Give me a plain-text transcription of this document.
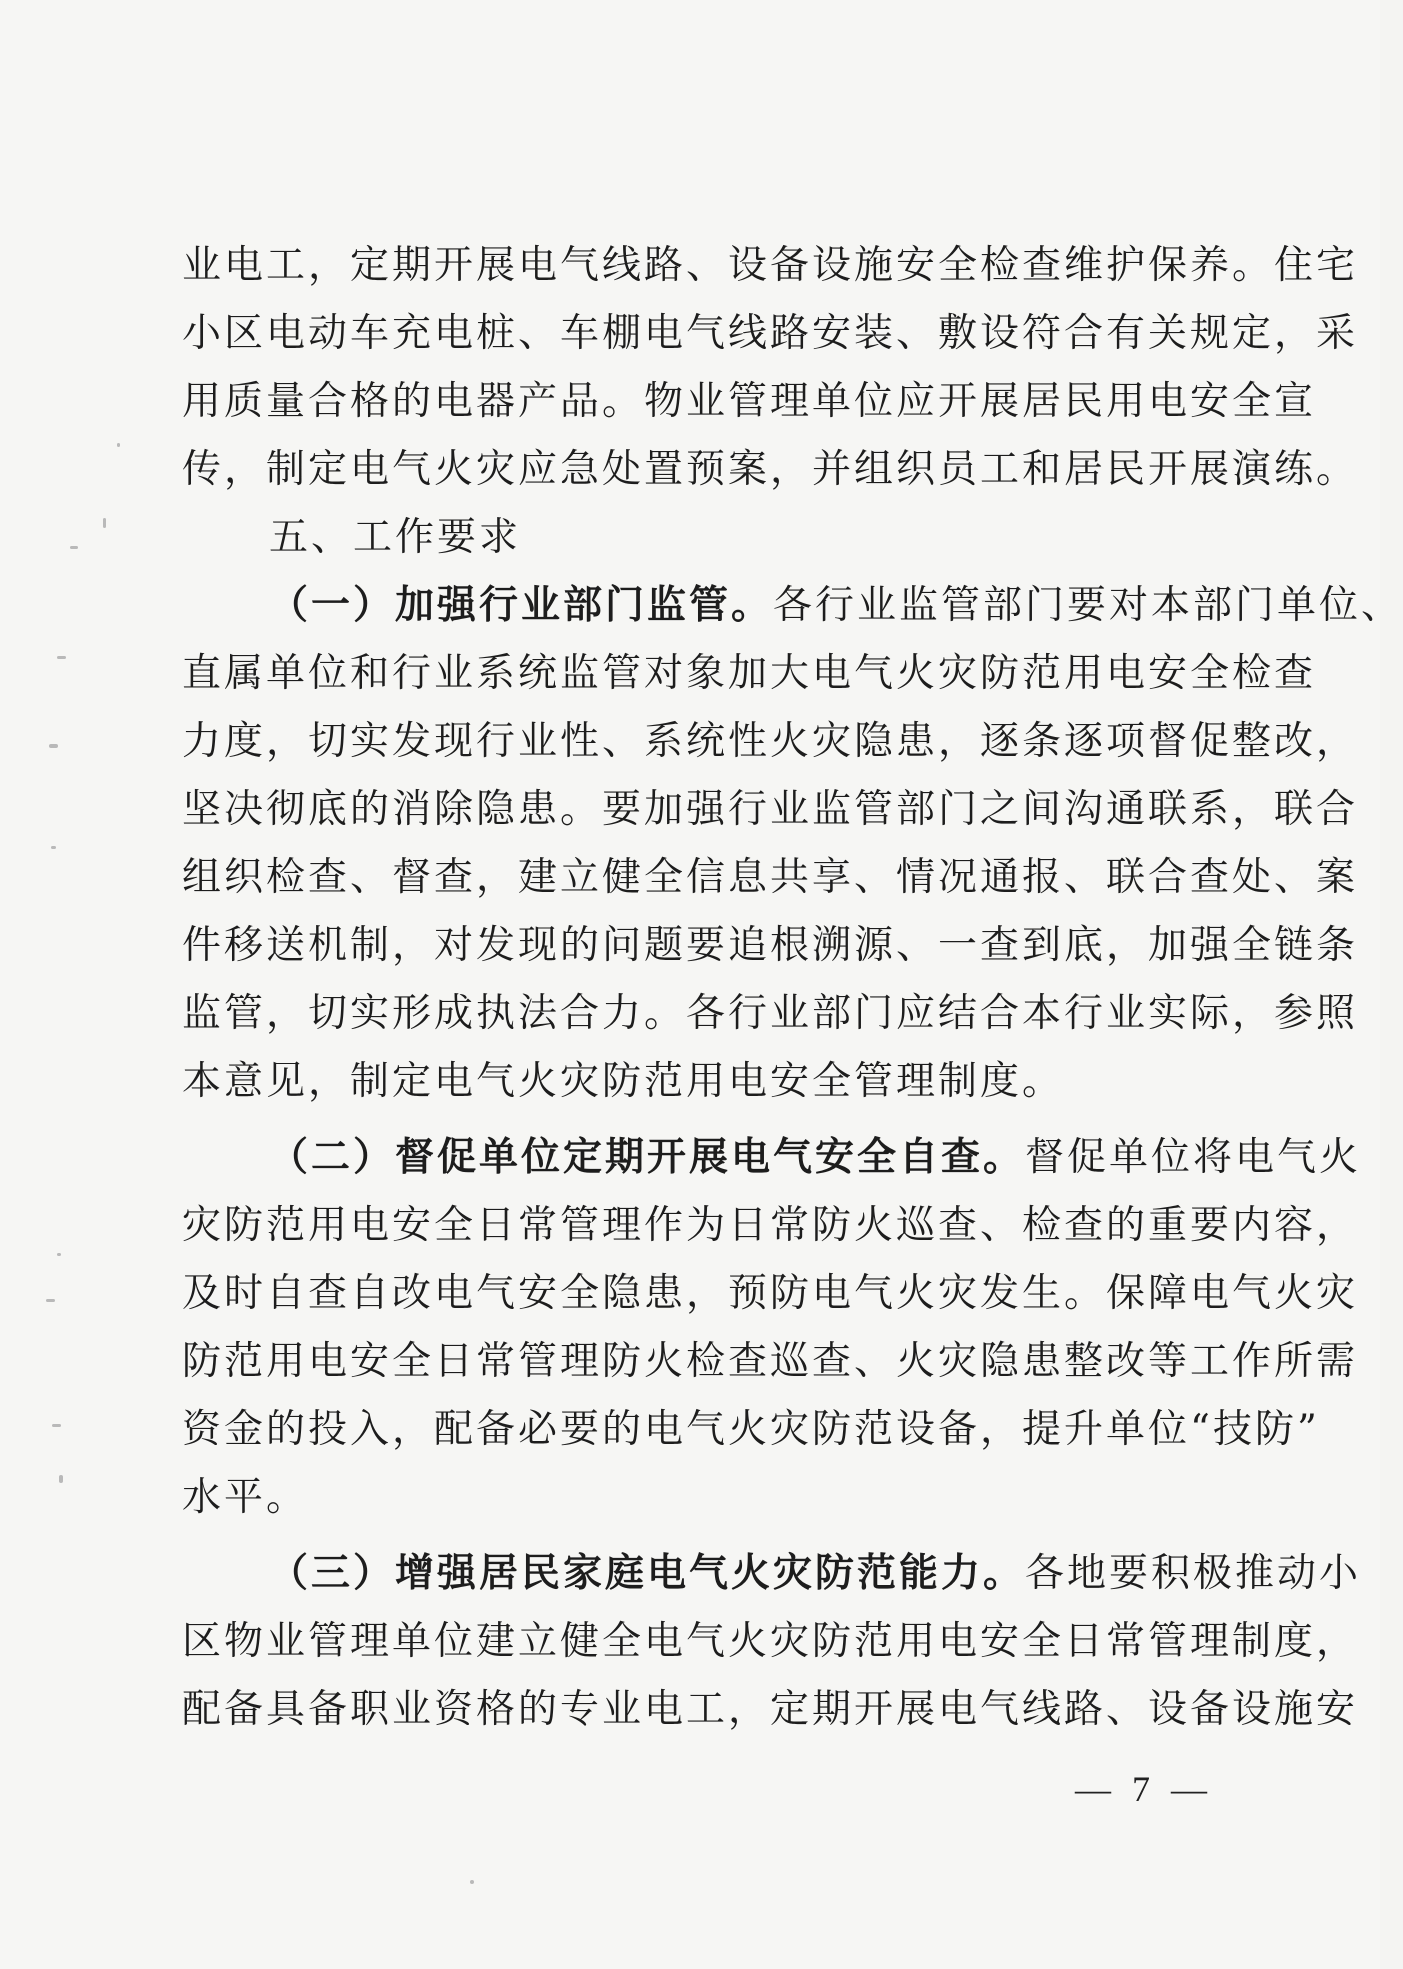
业电工，定期开展电气线路、设备设施安全检查维护保养。住宅
小区电动车充电桩、车棚电气线路安装、敷设符合有关规定，采
用质量合格的电器产品。物业管理单位应开展居民用电安全宣
传，制定电气火灾应急处置预案，并组织员工和居民开展演练。
五、工作要求
（一）加强行业部门监管。各行业监管部门要对本部门单位、
直属单位和行业系统监管对象加大电气火灾防范用电安全检查
力度，切实发现行业性、系统性火灾隐患，逐条逐项督促整改，
坚决彻底的消除隐患。要加强行业监管部门之间沟通联系，联合
组织检查、督查，建立健全信息共享、情况通报、联合查处、案
件移送机制，对发现的问题要追根溯源、一查到底，加强全链条
监管，切实形成执法合力。各行业部门应结合本行业实际，参照
本意见，制定电气火灾防范用电安全管理制度。
（二）督促单位定期开展电气安全自查。督促单位将电气火
灾防范用电安全日常管理作为日常防火巡查、检查的重要内容，
及时自查自改电气安全隐患，预防电气火灾发生。保障电气火灾
防范用电安全日常管理防火检查巡查、火灾隐患整改等工作所需
资金的投入，配备必要的电气火灾防范设备，提升单位“技防”
水平。
（三）增强居民家庭电气火灾防范能力。各地要积极推动小
区物业管理单位建立健全电气火灾防范用电安全日常管理制度，
配备具备职业资格的专业电工，定期开展电气线路、设备设施安
— 7 —
